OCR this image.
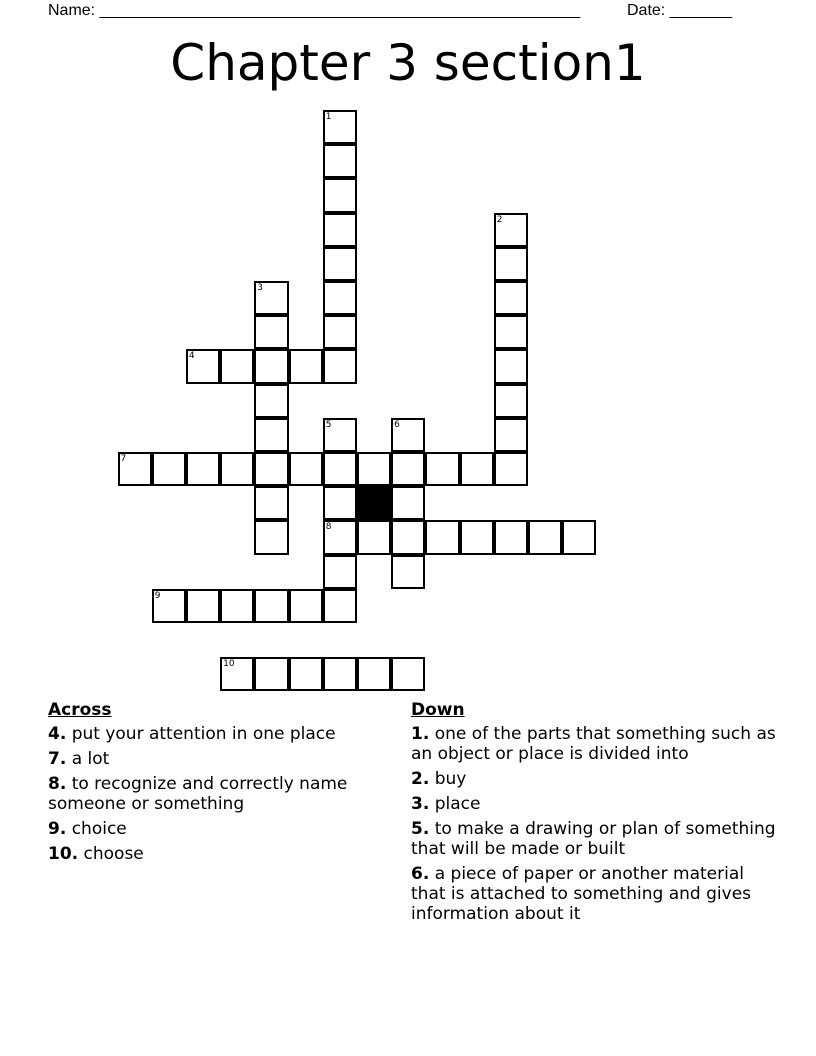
Name: ______________________________________________________	Date: _______
Chapter 3 section1
1
2
3
4
5
8
6
7
9
10
Across
4. put your attention in one place
7. a lot
8. to recognize and correctly name someone or something
9. choice
10. choose
Down
1. one of the parts that something such as an object or place is divided into
2. buy
3. place
5. to make a drawing or plan of something that will be made or built
6. a piece of paper or another material that is attached to something and gives information about it
